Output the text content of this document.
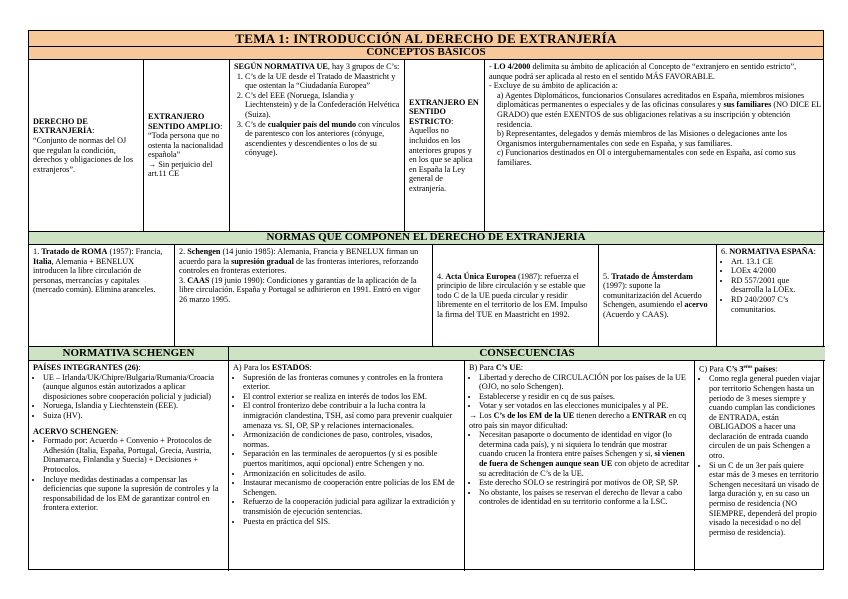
TEMA 1: INTRODUCCIÓN AL DERECHO DE EXTRANJERÍA
CONCEPTOS BÁSICOS
DERECHO DE EXTRANJERÍA:
“Conjunto de normas del OJ que regulan la condición, derechos y obligaciones de los extranjeros”.
EXTRANJERO SENTIDO AMPLIO:
“Toda persona que no ostenta la nacionalidad española”
→ Sin perjuicio del art.11 CE
SEGÚN NORMATIVA UE, hay 3 grupos de C’s:
1. C’s de la UE desde el Tratado de Maastricht y que ostentan la “Ciudadanía Europea”
2. C’s del EEE (Noruega, Islandia y Liechtenstein) y de la Confederación Helvética (Suiza).
3. C’s de cualquier país del mundo con vínculos de parentesco con los anteriores (cónyuge, ascendientes y descendientes o los de su cónyuge).
EXTRANJERO EN SENTIDO ESTRICTO:
Aquellos no incluidos en los anteriores grupos y en los que se aplica en España la Ley general de extranjería.
- LO 4/2000 delimita su ámbito de aplicación al Concepto de “extranjero en sentido estricto”, aunque podrá ser aplicada al resto en el sentido MÁS FAVORABLE.
- Excluye de su ámbito de aplicación a:
a) Agentes Diplomáticos, funcionarios Consulares acreditados en España, miembros misiones diplomáticas permanentes o especiales y de las oficinas consulares y sus familiares (NO DICE EL GRADO) que estén EXENTOS de sus obligaciones relativas a su inscripción y obtención residencia.
b) Representantes, delegados y demás miembros de las Misiones o delegaciones ante los Organismos intergubernamentales con sede en España, y sus familiares.
c) Funcionarios destinados en OI o intergubernamentales con sede en España, así como sus familiares.
NORMAS QUE COMPONEN EL DERECHO DE EXTRANJERÍA
1. Tratado de ROMA (1957): Francia, Italia, Alemania + BENELUX introducen la libre circulación de personas, mercancías y capitales (mercado común). Elimina aranceles.
2. Schengen (14 junio 1985): Alemania, Francia y BENELUX firman un acuerdo para la supresión gradual de las fronteras interiores, reforzando controles en fronteras exteriores.
3. CAAS (19 junio 1990): Condiciones y garantías de la aplicación de la libre circulación. España y Portugal se adhirieron en 1991. Entró en vigor 26 marzo 1995.
4. Acta Única Europea (1987): refuerza el principio de libre circulación y se estable que todo C de la UE pueda circular y residir libremente en el territorio de los EM. Impulso la firma del TUE en Maastricht en 1992.
5. Tratado de Ámsterdam (1997): supone la comunitarización del Acuerdo Schengen, asumiendo el acervo (Acuerdo y CAAS).
6. NORMATIVA ESPAÑA:
• Art. 13.1 CE
• LOEx 4/2000
• RD 557/2001 que desarrolla la LOEx.
• RD 240/2007 C’s comunitarios.
NORMATIVA SCHENGEN	CONSECUENCIAS
PAÍSES INTEGRANTES (26):
• UE – Irlanda/UK/Chipre/Bulgaria/Rumania/Croacia (aunque algunos están autorizados a aplicar disposiciones sobre cooperación policial y judicial)
• Noruega, Islandia y Liechtenstein (EEE).
• Suiza (HV).
ACERVO SCHENGEN:
• Formado por: Acuerdo + Convenio + Protocolos de Adhesión (Italia, España, Portugal, Grecia, Austria, Dinamarca, Finlandia y Suecia) + Decisiones + Protocolos.
• Incluye medidas destinadas a compensar las deficiencias que supone la supresión de controles y la responsabilidad de los EM de garantizar control en frontera exterior.
A) Para los ESTADOS:
• Supresión de las fronteras comunes y controles en la frontera exterior.
• El control exterior se realiza en interés de todos los EM.
• El control fronterizo debe contribuir a la lucha contra la inmigración clandestina, TSH, así como para prevenir cualquier amenaza vs. SI, OP, SP y relaciones internacionales.
• Armonización de condiciones de paso, controles, visados, normas.
• Separación en las terminales de aeropuertos (y si es posible puertos marítimos, aquí opcional) entre Schengen y no.
• Armonización en solicitudes de asilo.
• Instaurar mecanismo de cooperación entre policías de los EM de Schengen.
• Refuerzo de la cooperación judicial para agilizar la extradición y transmisión de ejecución sentencias.
• Puesta en práctica del SIS.
B) Para C’s UE:
• Libertad y derecho de CIRCULACIÓN por los países de la UE (OJO, no solo Schengen).
• Establecerse y residir en cq de sus países.
• Votar y ser votados en las elecciones municipales y al PE.
→ Los C’s de los EM de la UE tienen derecho a ENTRAR en cq otro país sin mayor dificultad:
• Necesitan pasaporte o documento de identidad en vigor (lo determina cada país), y ni siquiera lo tendrán que mostrar cuando crucen la frontera entre países Schengen y si, si vienen de fuera de Schengen aunque sean UE con objeto de acreditar su acreditación de C’s de la UE.
• Este derecho SOLO se restringirá por motivos de OP, SP, SP.
• No obstante, los países se reservan el derecho de llevar a cabo controles de identidad en su territorio conforme a la LSC.
C) Para C’s $3^{eros}$ países:
• Como regla general pueden viajar por territorio Schengen hasta un periodo de 3 meses siempre y cuando cumplan las condiciones de ENTRADA, están OBLIGADOS a hacer una declaración de entrada cuando circulen de un país Schengen a otro.
• Si un C de un 3er país quiere estar más de 3 meses en territorio Schengen necesitará un visado de larga duración y, en su caso un permiso de residencia (NO SIEMPRE, dependerá del propio visado la necesidad o no del permiso de residencia).
